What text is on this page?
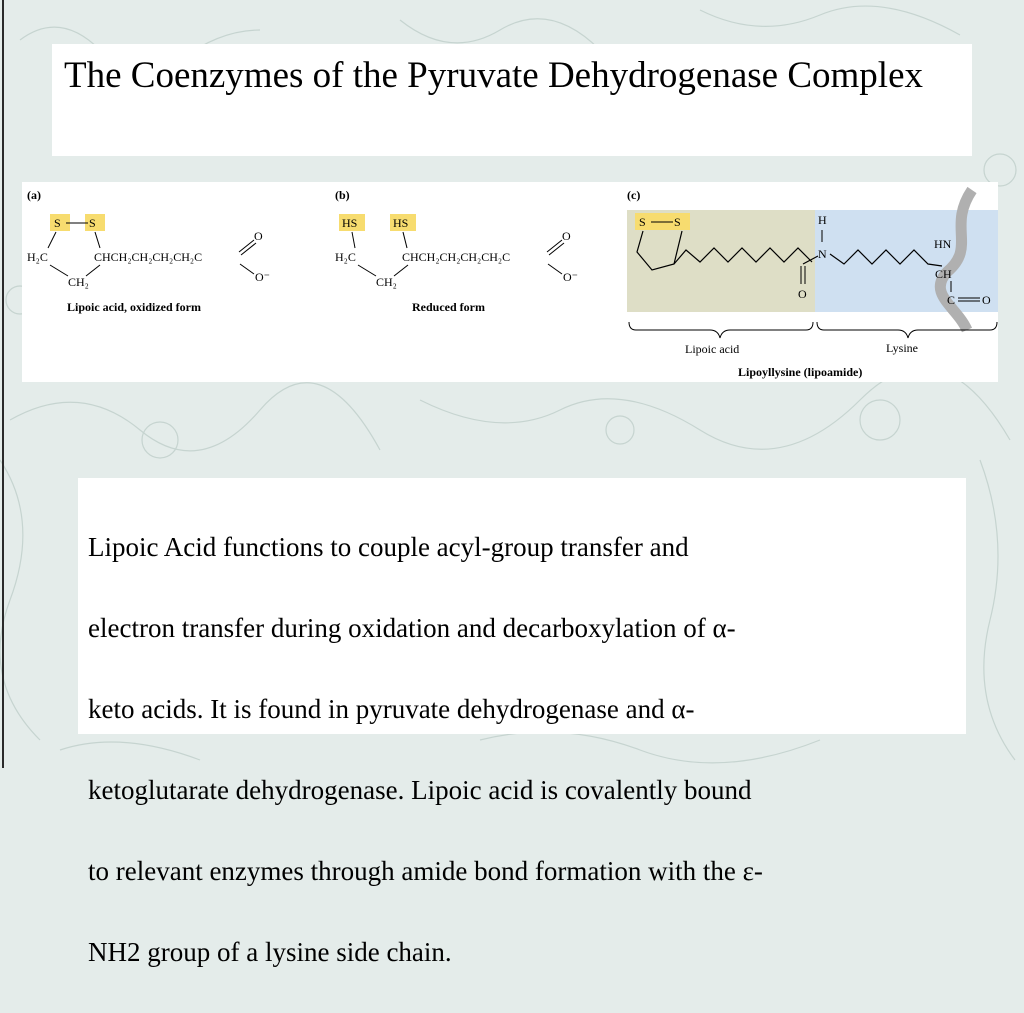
The Coenzymes of the Pyruvate Dehydrogenase Complex
(a)
S S
H₂C	CHCH₂CH₂CH₂CH₂C
CH₂
O
O⁻
Lipoic acid, oxidized form
(b)
HS	HS
H₂C	CHCH₂CH₂CH₂CH₂C
CH₂
O
O⁻
Reduced form
(c)
S S
O
H
N
HN
CH
C O
Lipoic acid	Lysine
Lipoyllysine (lipoamide)

Lipoic Acid functions to couple acyl-group transfer and

electron transfer during oxidation and decarboxylation of α-

keto acids. It is found in pyruvate dehydrogenase and α-

ketoglutarate dehydrogenase. Lipoic acid is covalently bound

to relevant enzymes through amide bond formation with the ε-

NH2 group of a lysine side chain.
